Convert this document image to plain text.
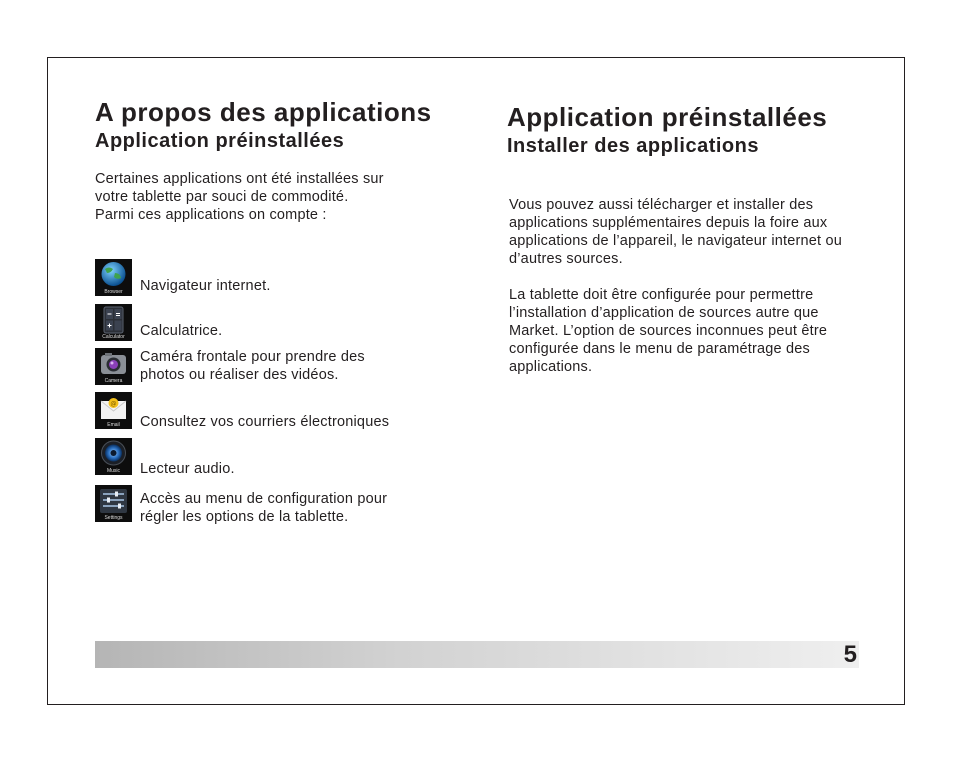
A propos des applications
Application préinstallées

Certaines applications ont été installées sur

votre tablette par souci de commodité.

Parmi ces applications on compte :

Browser	Navigateur internet.
Calculator	Calculatrice.
Camera
Caméra frontale pour prendre des
photos ou réaliser des vidéos.
@
Email	Consultez vos courriers électroniques
Music	Lecteur audio.
Settings
Accès au menu de configuration pour
régler les options de la tablette.
Application préinstallées
Installer des applications

Vous pouvez aussi télécharger et installer des applications supplémentaires depuis la foire aux applications de l’appareil, le navigateur internet ou d’autres sources.

La tablette doit être configurée pour permettre l’installation d’application de sources autre que Market. L’option de sources inconnues peut être configurée dans le menu de paramétrage des applications.

5
